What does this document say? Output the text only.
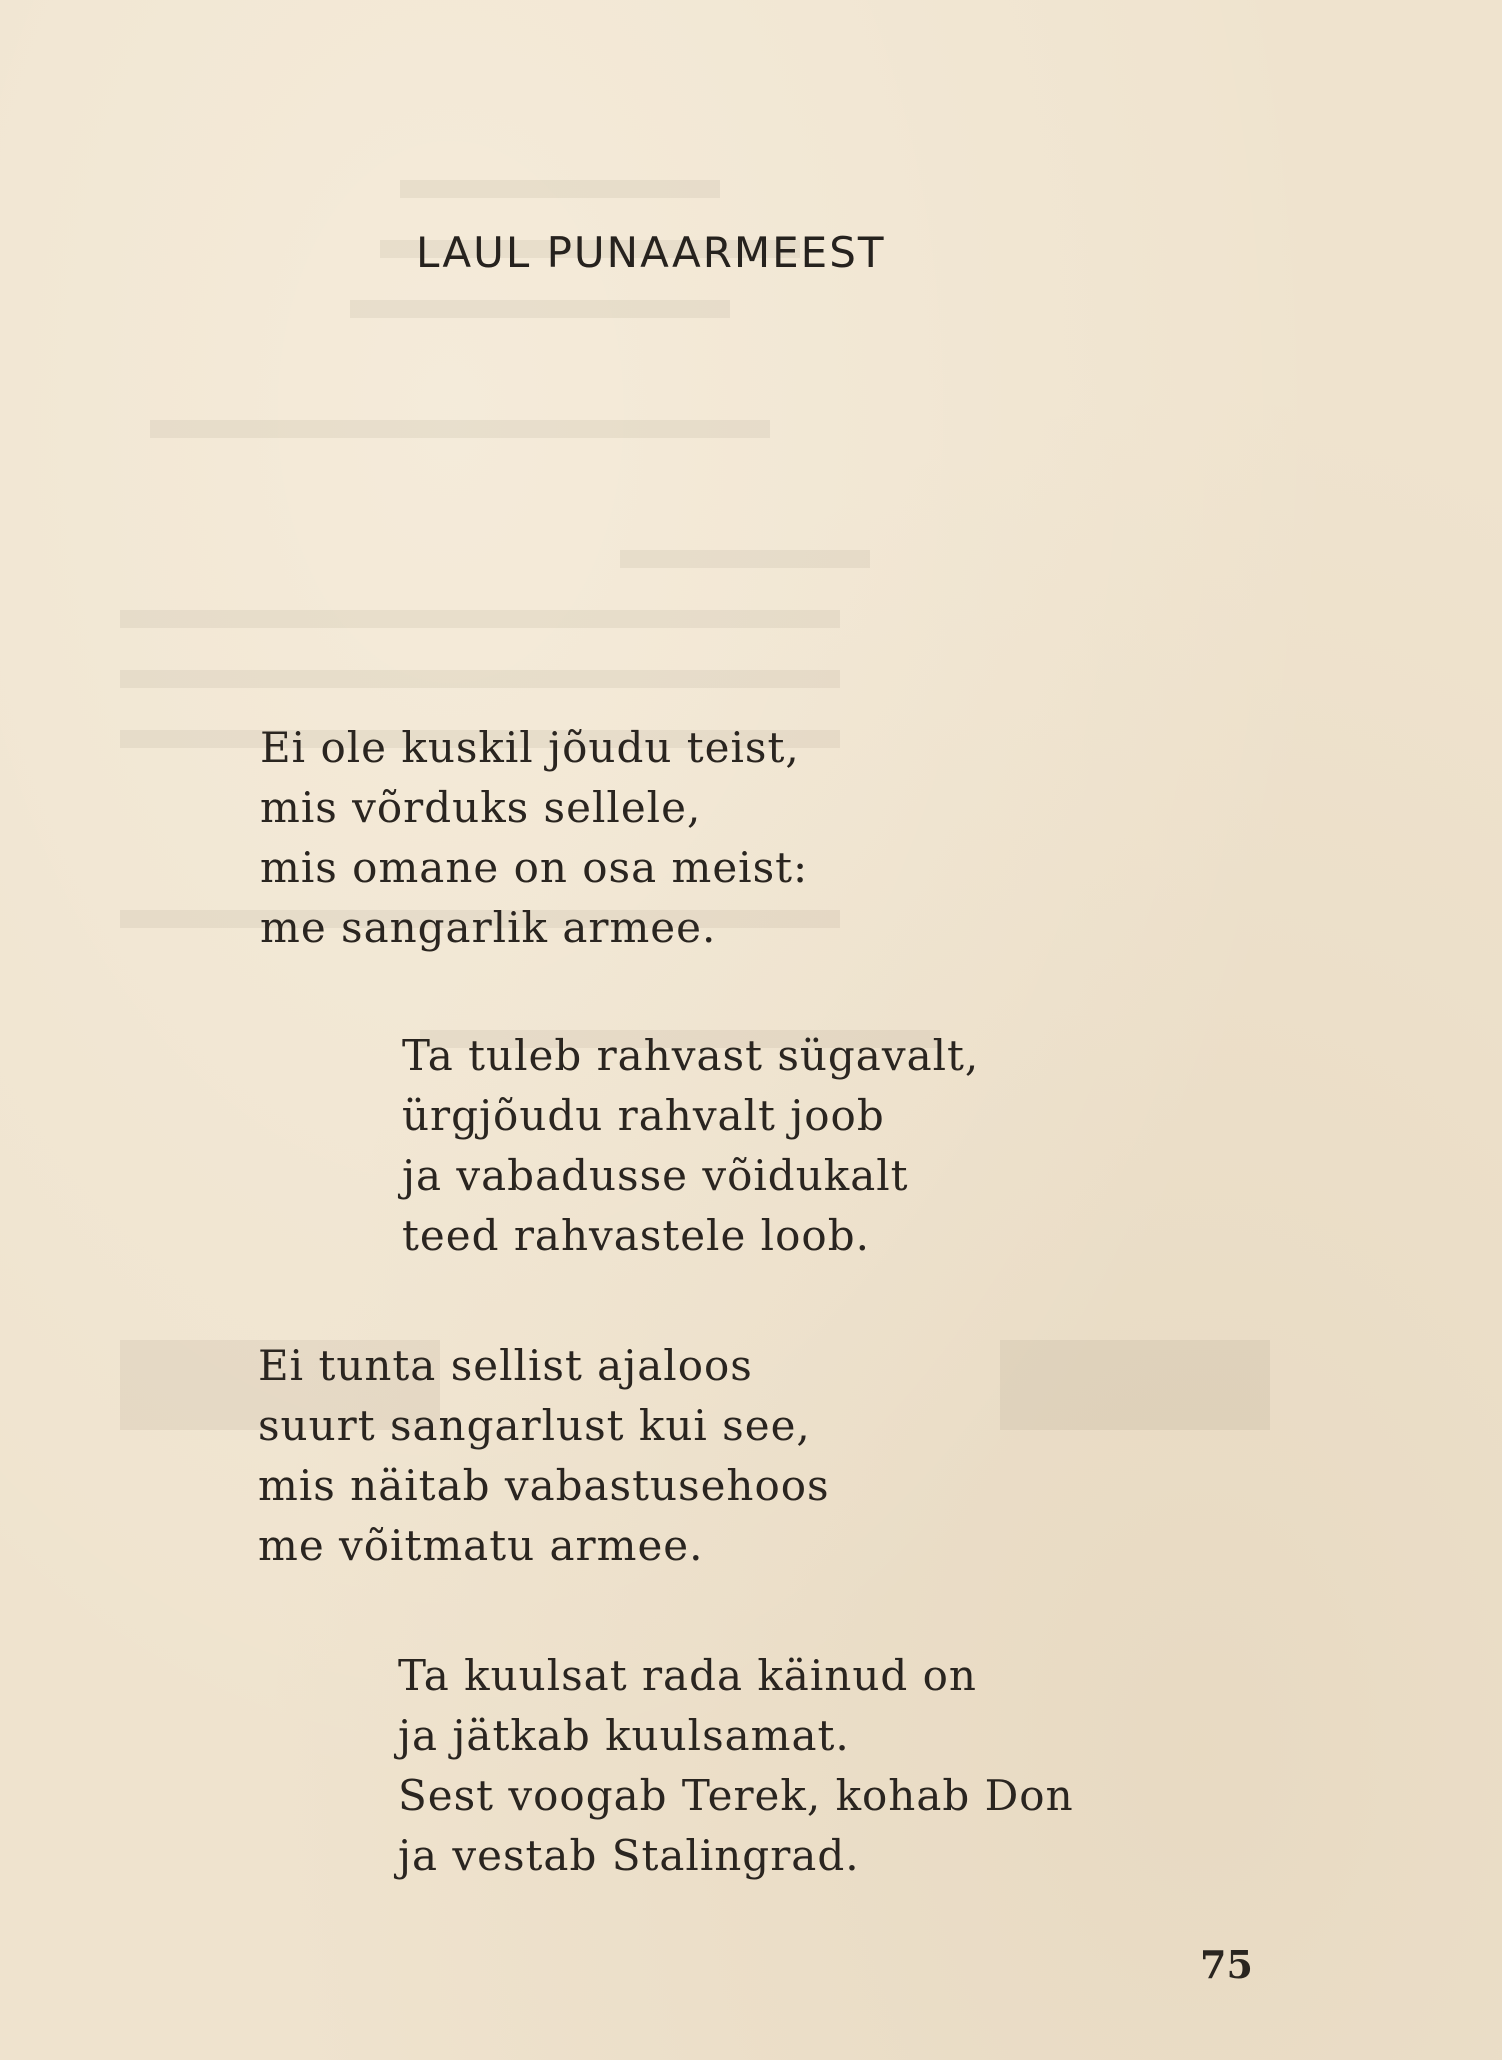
LAUL PUNAARMEEST
Ei ole kuskil jõudu teist,
mis võrduks sellele,
mis omane on osa meist:
me sangarlik armee.
Ta tuleb rahvast sügavalt,
ürgjõudu rahvalt joob
ja vabadusse võidukalt
teed rahvastele loob.
Ei tunta sellist ajaloos
suurt sangarlust kui see,
mis näitab vabastusehoos
me võitmatu armee.
Ta kuulsat rada käinud on
ja jätkab kuulsamat.
Sest voogab Terek, kohab Don
ja vestab Stalingrad.
75
